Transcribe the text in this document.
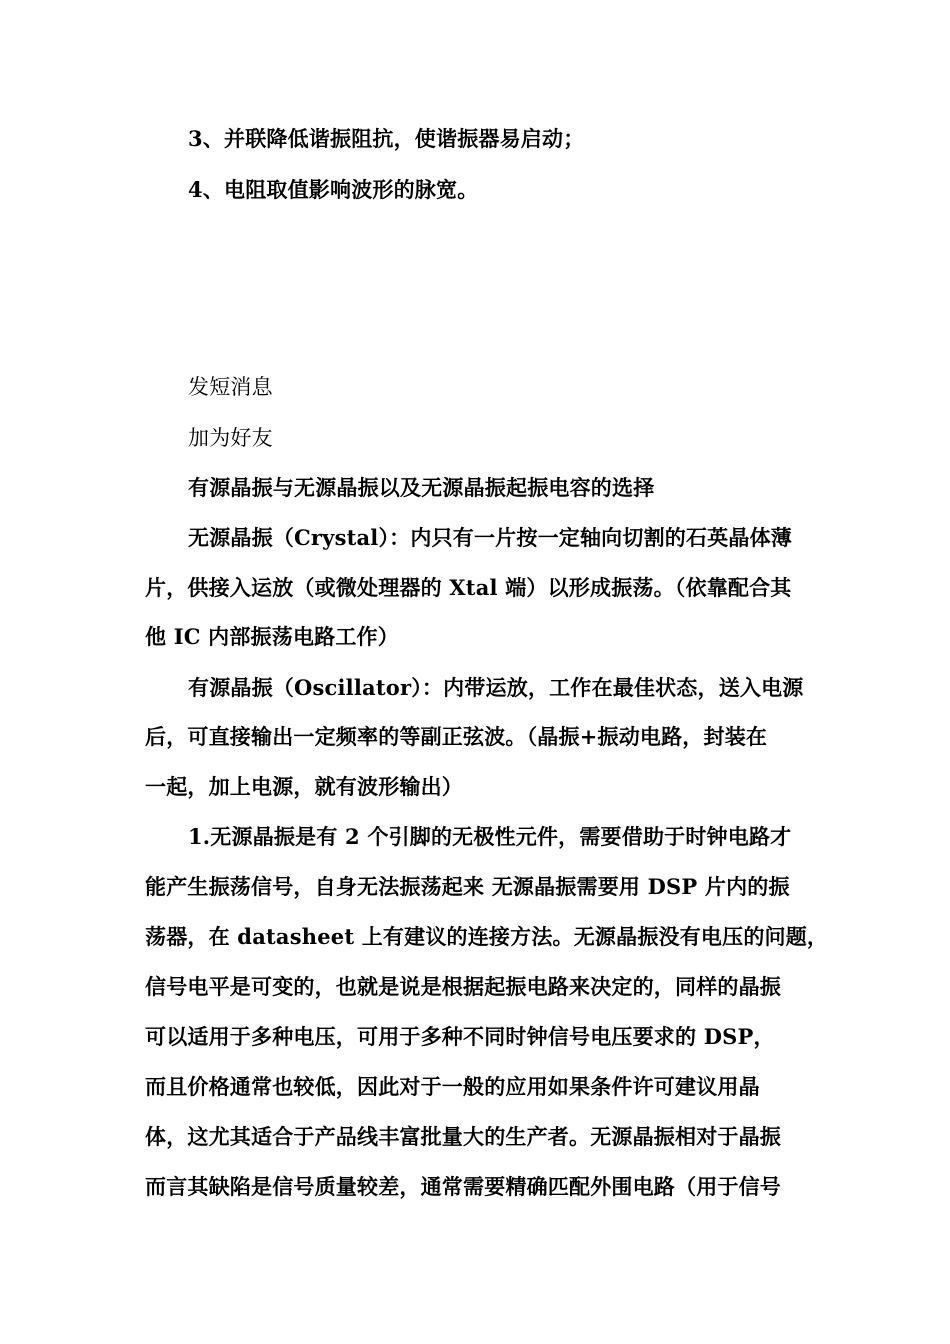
3、并联降低谐振阻抗，使谐振器易启动；
4、电阻取值影响波形的脉宽。
发短消息
加为好友
有源晶振与无源晶振以及无源晶振起振电容的选择
无源晶振（Crystal）：内只有一片按一定轴向切割的石英晶体薄
片，供接入运放（或微处理器的 Xtal 端）以形成振荡。（依靠配合其
他 IC 内部振荡电路工作）
有源晶振（Oscillator）：内带运放，工作在最佳状态，送入电源
后，可直接输出一定频率的等副正弦波。（晶振+振动电路，封装在
一起，加上电源，就有波形输出）
1.无源晶振是有 2 个引脚的无极性元件，需要借助于时钟电路才
能产生振荡信号，自身无法振荡起来 无源晶振需要用 DSP 片内的振
荡器，在 datasheet 上有建议的连接方法。无源晶振没有电压的问题，
信号电平是可变的，也就是说是根据起振电路来决定的，同样的晶振
可以适用于多种电压，可用于多种不同时钟信号电压要求的 DSP，
而且价格通常也较低，因此对于一般的应用如果条件许可建议用晶
体，这尤其适合于产品线丰富批量大的生产者。无源晶振相对于晶振
而言其缺陷是信号质量较差，通常需要精确匹配外围电路（用于信号
